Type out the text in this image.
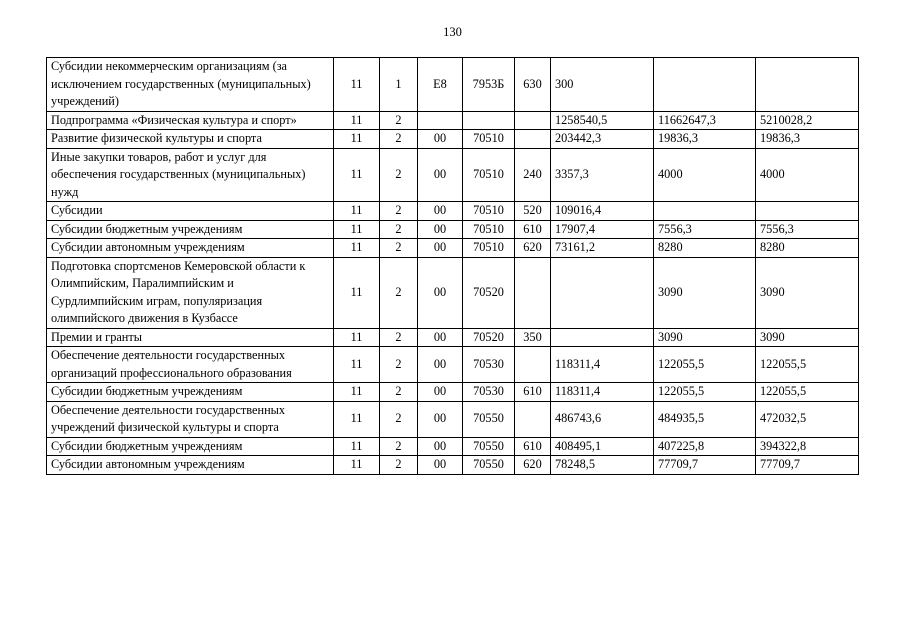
130
Субсидии некоммерческим организациям (за исключением государственных (муниципальных) учреждений)	11	1	E8	7953Б	630	300		
Подпрограмма «Физическая культура и спорт»	11	2				1258540,5	11662647,3	5210028,2
Развитие физической культуры и спорта	11	2	00	70510		203442,3	19836,3	19836,3
Иные закупки товаров, работ и услуг для обеспечения государственных (муниципальных) нужд	11	2	00	70510	240	3357,3	4000	4000
Субсидии	11	2	00	70510	520	109016,4		
Субсидии бюджетным учреждениям	11	2	00	70510	610	17907,4	7556,3	7556,3
Субсидии автономным учреждениям	11	2	00	70510	620	73161,2	8280	8280
Подготовка спортсменов Кемеровской области к Олимпийским, Паралимпийским и Сурдлимпийским играм, популяризация олимпийского движения в Кузбассе	11	2	00	70520			3090	3090
Премии и гранты	11	2	00	70520	350		3090	3090
Обеспечение деятельности государственных организаций профессионального образования	11	2	00	70530		118311,4	122055,5	122055,5
Субсидии бюджетным учреждениям	11	2	00	70530	610	118311,4	122055,5	122055,5
Обеспечение деятельности государственных учреждений физической культуры и спорта	11	2	00	70550		486743,6	484935,5	472032,5
Субсидии бюджетным учреждениям	11	2	00	70550	610	408495,1	407225,8	394322,8
Субсидии автономным учреждениям	11	2	00	70550	620	78248,5	77709,7	77709,7
